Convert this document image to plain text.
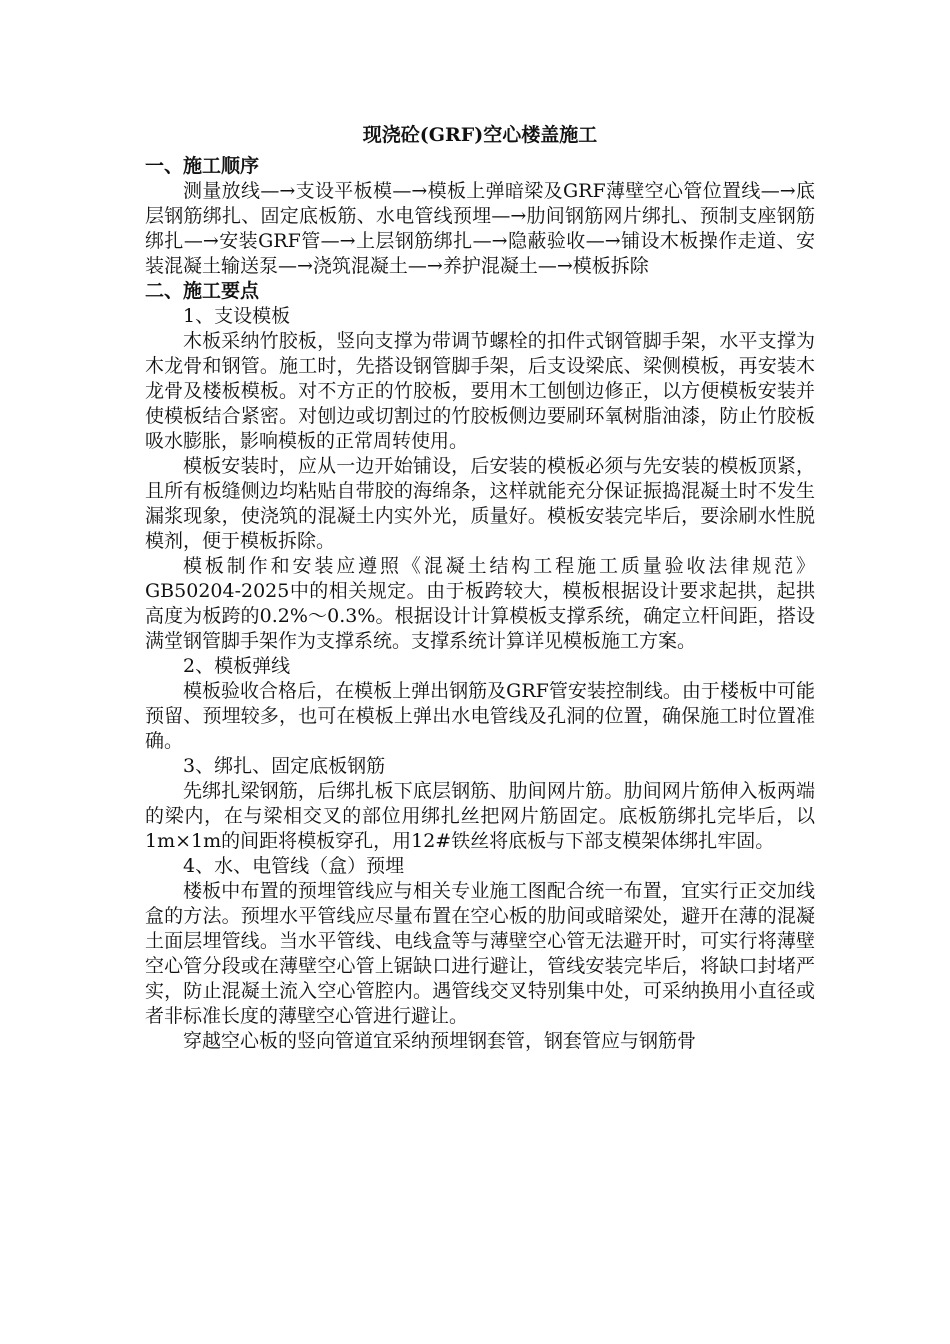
现浇砼(GRF)空心楼盖施工
一、施工顺序

测量放线—→支设平板模—→模板上弹暗梁及GRF薄壁空心管位置线—→底层钢筋绑扎、固定底板筋、水电管线预埋—→肋间钢筋网片绑扎、预制支座钢筋绑扎—→安装GRF管—→上层钢筋绑扎—→隐蔽验收—→铺设木板操作走道、安装混凝土输送泵—→浇筑混凝土—→养护混凝土—→模板拆除

二、施工要点

1、支设模板

木板采纳竹胶板，竖向支撑为带调节螺栓的扣件式钢管脚手架，水平支撑为木龙骨和钢管。施工时，先搭设钢管脚手架，后支设梁底、梁侧模板，再安装木龙骨及楼板模板。对不方正的竹胶板，要用木工刨刨边修正，以方便模板安装并使模板结合紧密。对刨边或切割过的竹胶板侧边要刷环氧树脂油漆，防止竹胶板吸水膨胀，影响模板的正常周转使用。

模板安装时，应从一边开始铺设，后安装的模板必须与先安装的模板顶紧，且所有板缝侧边均粘贴自带胶的海绵条，这样就能充分保证振捣混凝土时不发生漏浆现象，使浇筑的混凝土内实外光，质量好。模板安装完毕后，要涂刷水性脱模剂，便于模板拆除。

模板制作和安装应遵照《混凝土结构工程施工质量验收法律规范》GB50204-2025中的相关规定。由于板跨较大，模板根据设计要求起拱，起拱高度为板跨的0.2%～0.3%。根据设计计算模板支撑系统，确定立杆间距，搭设满堂钢管脚手架作为支撑系统。支撑系统计算详见模板施工方案。

2、模板弹线

模板验收合格后，在模板上弹出钢筋及GRF管安装控制线。由于楼板中可能预留、预埋较多，也可在模板上弹出水电管线及孔洞的位置，确保施工时位置准确。

3、绑扎、固定底板钢筋

先绑扎梁钢筋，后绑扎板下底层钢筋、肋间网片筋。肋间网片筋伸入板两端的梁内，在与梁相交叉的部位用绑扎丝把网片筋固定。底板筋绑扎完毕后，以1m×1m的间距将模板穿孔，用12#铁丝将底板与下部支模架体绑扎牢固。

4、水、电管线（盒）预埋

楼板中布置的预埋管线应与相关专业施工图配合统一布置，宜实行正交加线盒的方法。预埋水平管线应尽量布置在空心板的肋间或暗梁处，避开在薄的混凝土面层埋管线。当水平管线、电线盒等与薄壁空心管无法避开时，可实行将薄壁空心管分段或在薄壁空心管上锯缺口进行避让，管线安装完毕后，将缺口封堵严实，防止混凝土流入空心管腔内。遇管线交叉特别集中处，可采纳换用小直径或者非标准长度的薄壁空心管进行避让。

穿越空心板的竖向管道宜采纳预埋钢套管，钢套管应与钢筋骨
